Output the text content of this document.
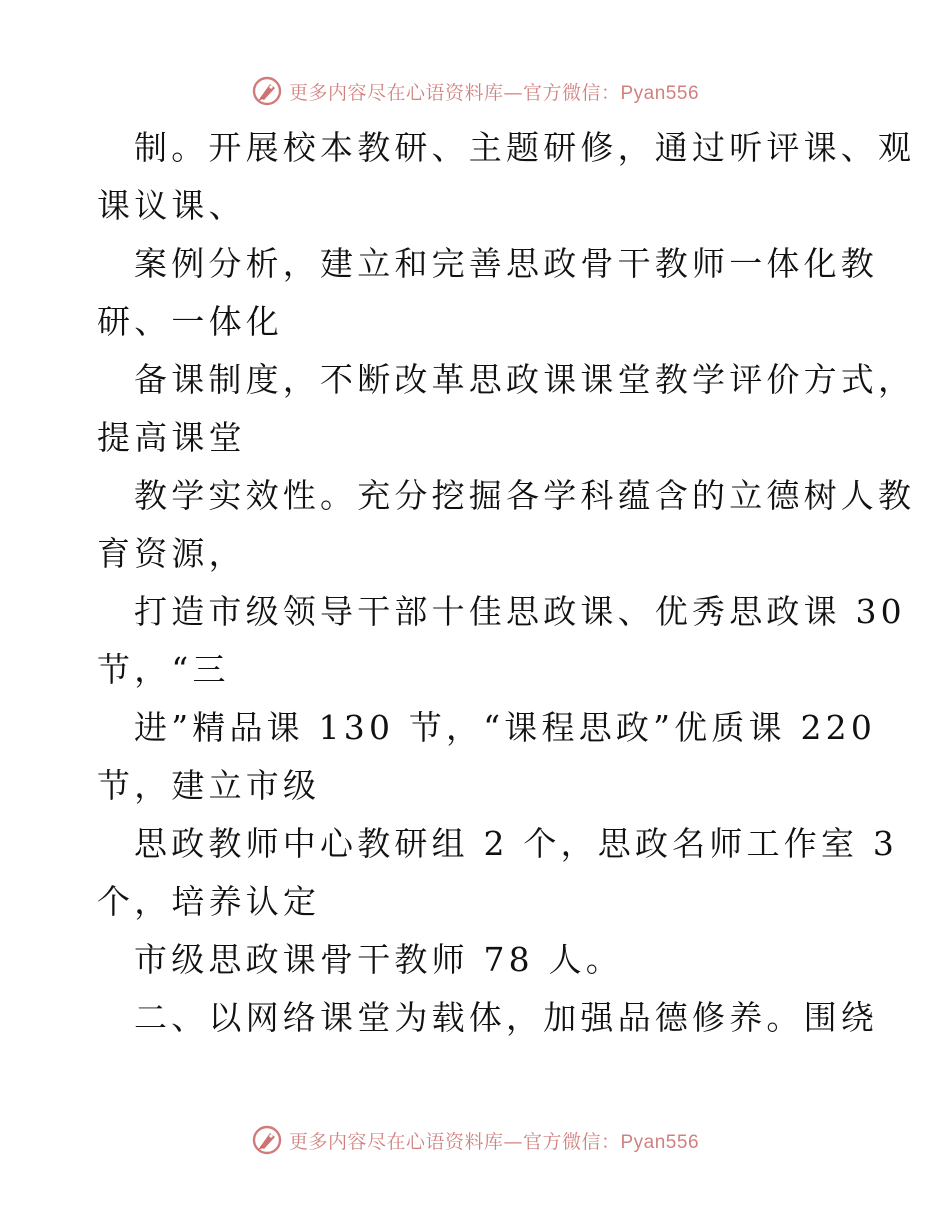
更多内容尽在心语资料库—官方微信：Pyan556
制。开展校本教研、主题研修，通过听评课、观
课议课、
案例分析，建立和完善思政骨干教师一体化教
研、一体化
备课制度，不断改革思政课课堂教学评价方式，
提高课堂
教学实效性。充分挖掘各学科蕴含的立德树人教
育资源，
打造市级领导干部十佳思政课、优秀思政课 30
节，“三
进”精品课 130 节，“课程思政”优质课 220
节，建立市级
思政教师中心教研组 2 个，思政名师工作室 3
个，培养认定
市级思政课骨干教师 78 人。
二、以网络课堂为载体，加强品德修养。围绕
更多内容尽在心语资料库—官方微信：Pyan556
